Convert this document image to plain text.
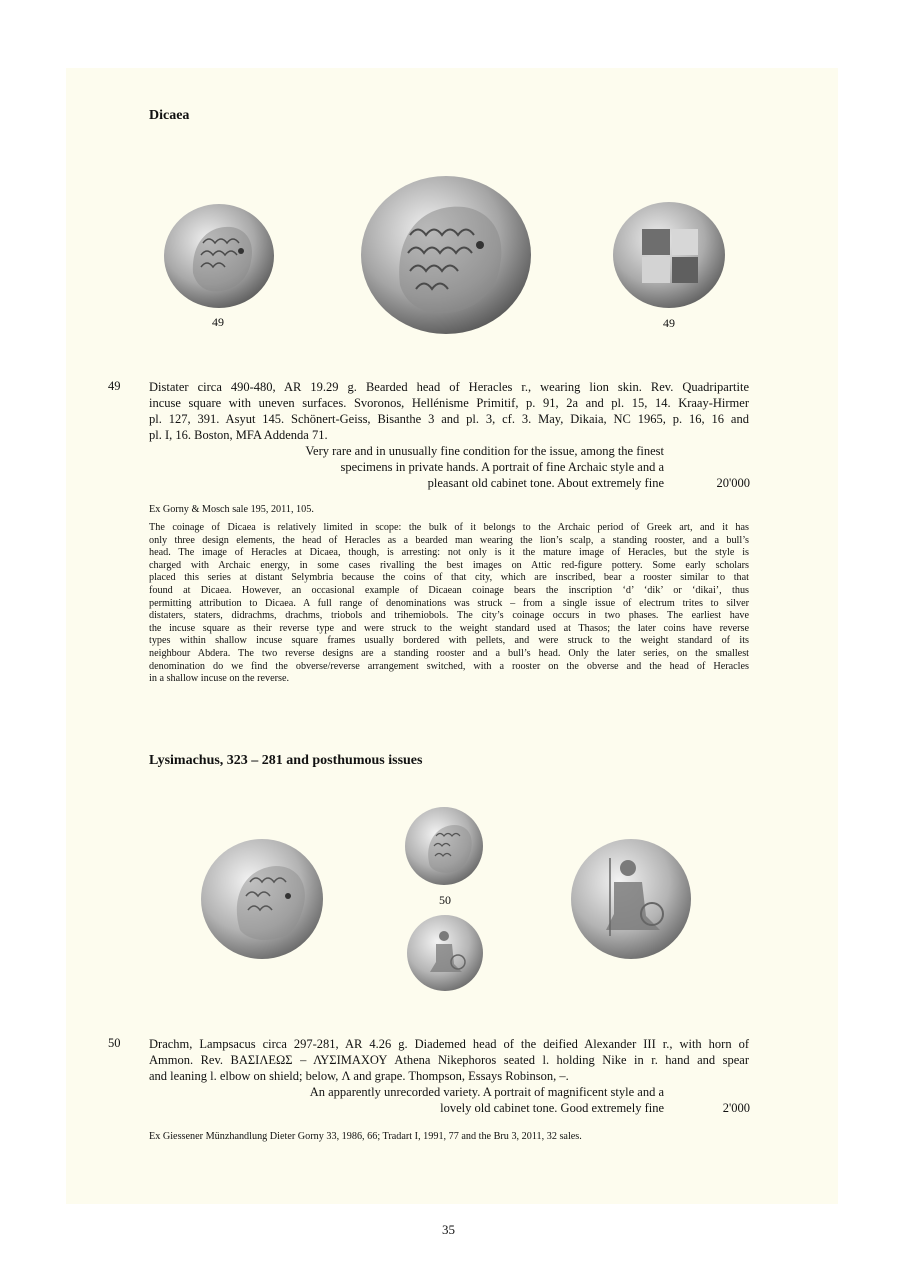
Dicaea
49	49
49 Distater circa 490-480, AR 19.29 g. Bearded head of Heracles r., wearing lion skin. Rev. Quadripartite
incuse square with uneven surfaces. Svoronos, Hellénisme Primitif, p. 91, 2a and pl. 15, 14. Kraay-Hirmer
pl. 127, 391. Asyut 145. Schönert-Geiss, Bisanthe 3 and pl. 3, cf. 3. May, Dikaia, NC 1965, p. 16, 16 and
pl. I, 16. Boston, MFA Addenda 71.
Very rare and in unusually fine condition for the issue, among the finest
specimens in private hands. A portrait of fine Archaic style and a
pleasant old cabinet tone. About extremely fine	20'000
Ex Gorny & Mosch sale 195, 2011, 105.
The coinage of Dicaea is relatively limited in scope: the bulk of it belongs to the Archaic period of Greek art, and it has
only three design elements, the head of Heracles as a bearded man wearing the lion’s scalp, a standing rooster, and a bull’s
head. The image of Heracles at Dicaea, though, is arresting: not only is it the mature image of Heracles, but the style is
charged with Archaic energy, in some cases rivalling the best images on Attic red-figure pottery. Some early scholars
placed this series at distant Selymbria because the coins of that city, which are inscribed, bear a rooster similar to that
found at Dicaea. However, an occasional example of Dicaean coinage bears the inscription ‘d’ ‘dik’ or ‘dikai’, thus
permitting attribution to Dicaea. A full range of denominations was struck – from a single issue of electrum trites to silver
distaters, staters, didrachms, drachms, triobols and trihemiobols. The city’s coinage occurs in two phases. The earliest have
the incuse square as their reverse type and were struck to the weight standard used at Thasos; the later coins have reverse
types within shallow incuse square frames usually bordered with pellets, and were struck to the weight standard of its
neighbour Abdera. The two reverse designs are a standing rooster and a bull’s head. Only the later series, on the smallest
denomination do we find the obverse/reverse arrangement switched, with a rooster on the obverse and the head of Heracles
in a shallow incuse on the reverse.
Lysimachus, 323 – 281 and posthumous issues
50
50 Drachm, Lampsacus circa 297-281, AR 4.26 g. Diademed head of the deified Alexander III r., with horn of
Ammon. Rev. ΒΑΣΙΛΕΩΣ – ΛΥΣΙΜΑΧΟΥ Athena Nikephoros seated l. holding Nike in r. hand and spear
and leaning l. elbow on shield; below, Λ and grape. Thompson, Essays Robinson, –.
An apparently unrecorded variety. A portrait of magnificent style and a
lovely old cabinet tone. Good extremely fine	2'000
Ex Giessener Münzhandlung Dieter Gorny 33, 1986, 66; Tradart I, 1991, 77 and the Bru 3, 2011, 32 sales.
35
